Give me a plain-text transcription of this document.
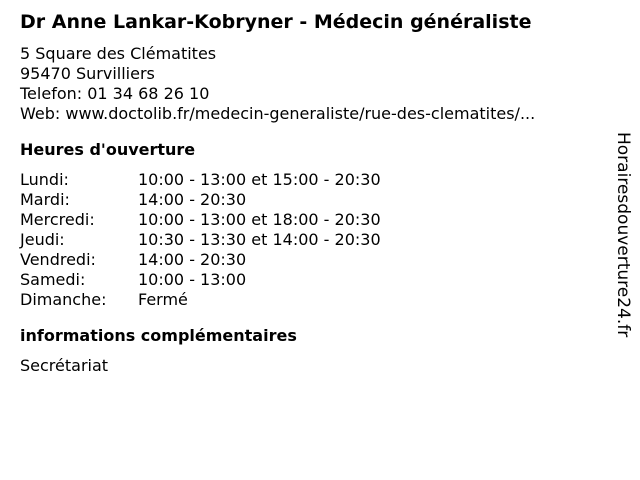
Dr Anne Lankar-Kobryner - Médecin généraliste
5 Square des Clématites
95470 Survilliers
Telefon: 01 34 68 26 10
Web: www.doctolib.fr/medecin-generaliste/rue-des-clematites/...
Heures d'ouverture
Lundi:	10:00 - 13:00 et 15:00 - 20:30
Mardi:	14:00 - 20:30
Mercredi:	10:00 - 13:00 et 18:00 - 20:30
Jeudi:	10:30 - 13:30 et 14:00 - 20:30
Vendredi:	14:00 - 20:30
Samedi:	10:00 - 13:00
Dimanche:	Fermé
informations complémentaires
Secrétariat
Horairesdouverture24.fr
